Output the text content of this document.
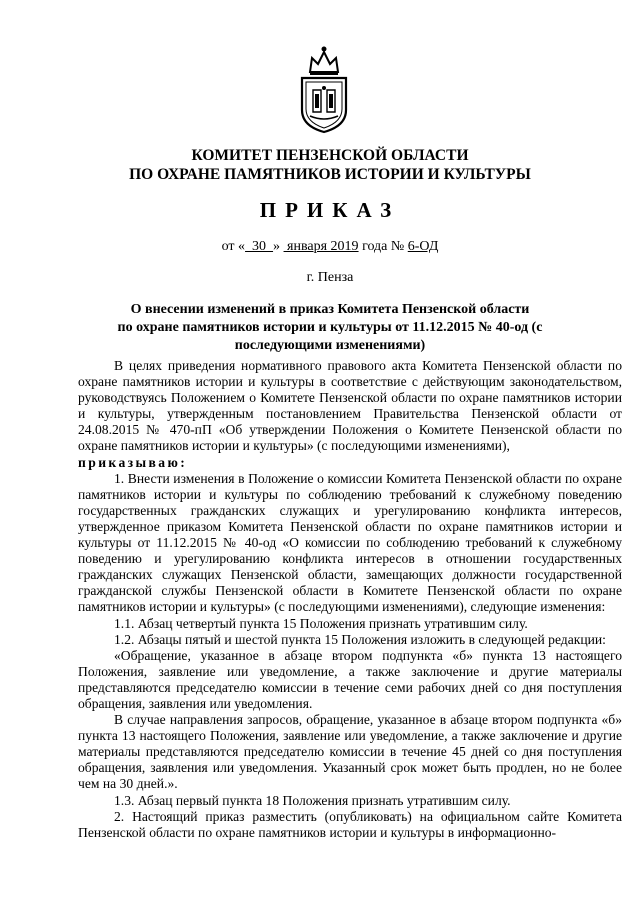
КОМИТЕТ ПЕНЗЕНСКОЙ ОБЛАСТИ
ПО ОХРАНЕ ПАМЯТНИКОВ ИСТОРИИ И КУЛЬТУРЫ
ПРИКАЗ
от «  30  »  января 2019 года № 6-ОД
г. Пенза
О внесении изменений в приказ Комитета Пензенской области
по охране памятников истории и культуры от 11.12.2015 № 40-од (с последующими изменениями)

В целях приведения нормативного правового акта Комитета Пензенской области по охране памятников истории и культуры в соответствие с действующим законодательством, руководствуясь Положением о Комитете Пензенской области по охране памятников истории и культуры, утвержденным постановлением Правительства Пензенской области от 24.08.2015 № 470-пП «Об утверждении Положения о Комитете Пензенской области по охране памятников истории и культуры» (с последующими изменениями),

приказываю:

1. Внести изменения в Положение о комиссии Комитета Пензенской области по охране памятников истории и культуры по соблюдению требований к служебному поведению государственных гражданских служащих и урегулированию конфликта интересов, утвержденное приказом Комитета Пензенской области по охране памятников истории и культуры от 11.12.2015 № 40-од «О комиссии по соблюдению требований к служебному поведению и урегулированию конфликта интересов в отношении государственных гражданских служащих Пензенской области, замещающих должности государственной гражданской службы Пензенской области в Комитете Пензенской области по охране памятников истории и культуры» (с последующими изменениями), следующие изменения:

1.1. Абзац четвертый пункта 15 Положения признать утратившим силу.

1.2. Абзацы пятый и шестой пункта 15 Положения изложить в следующей редакции:

«Обращение, указанное в абзаце втором подпункта «б» пункта 13 настоящего Положения, заявление или уведомление, а также заключение и другие материалы представляются председателю комиссии в течение семи рабочих дней со дня поступления обращения, заявления или уведомления.

В случае направления запросов, обращение, указанное в абзаце втором подпункта «б» пункта 13 настоящего Положения, заявление или уведомление, а также заключение и другие материалы представляются председателю комиссии в течение 45 дней со дня поступления обращения, заявления или уведомления. Указанный срок может быть продлен, но не более чем на 30 дней.».

1.3. Абзац первый пункта 18 Положения признать утратившим силу.

2. Настоящий приказ разместить (опубликовать) на официальном сайте Комитета Пензенской области по охране памятников истории и культуры в информационно-
